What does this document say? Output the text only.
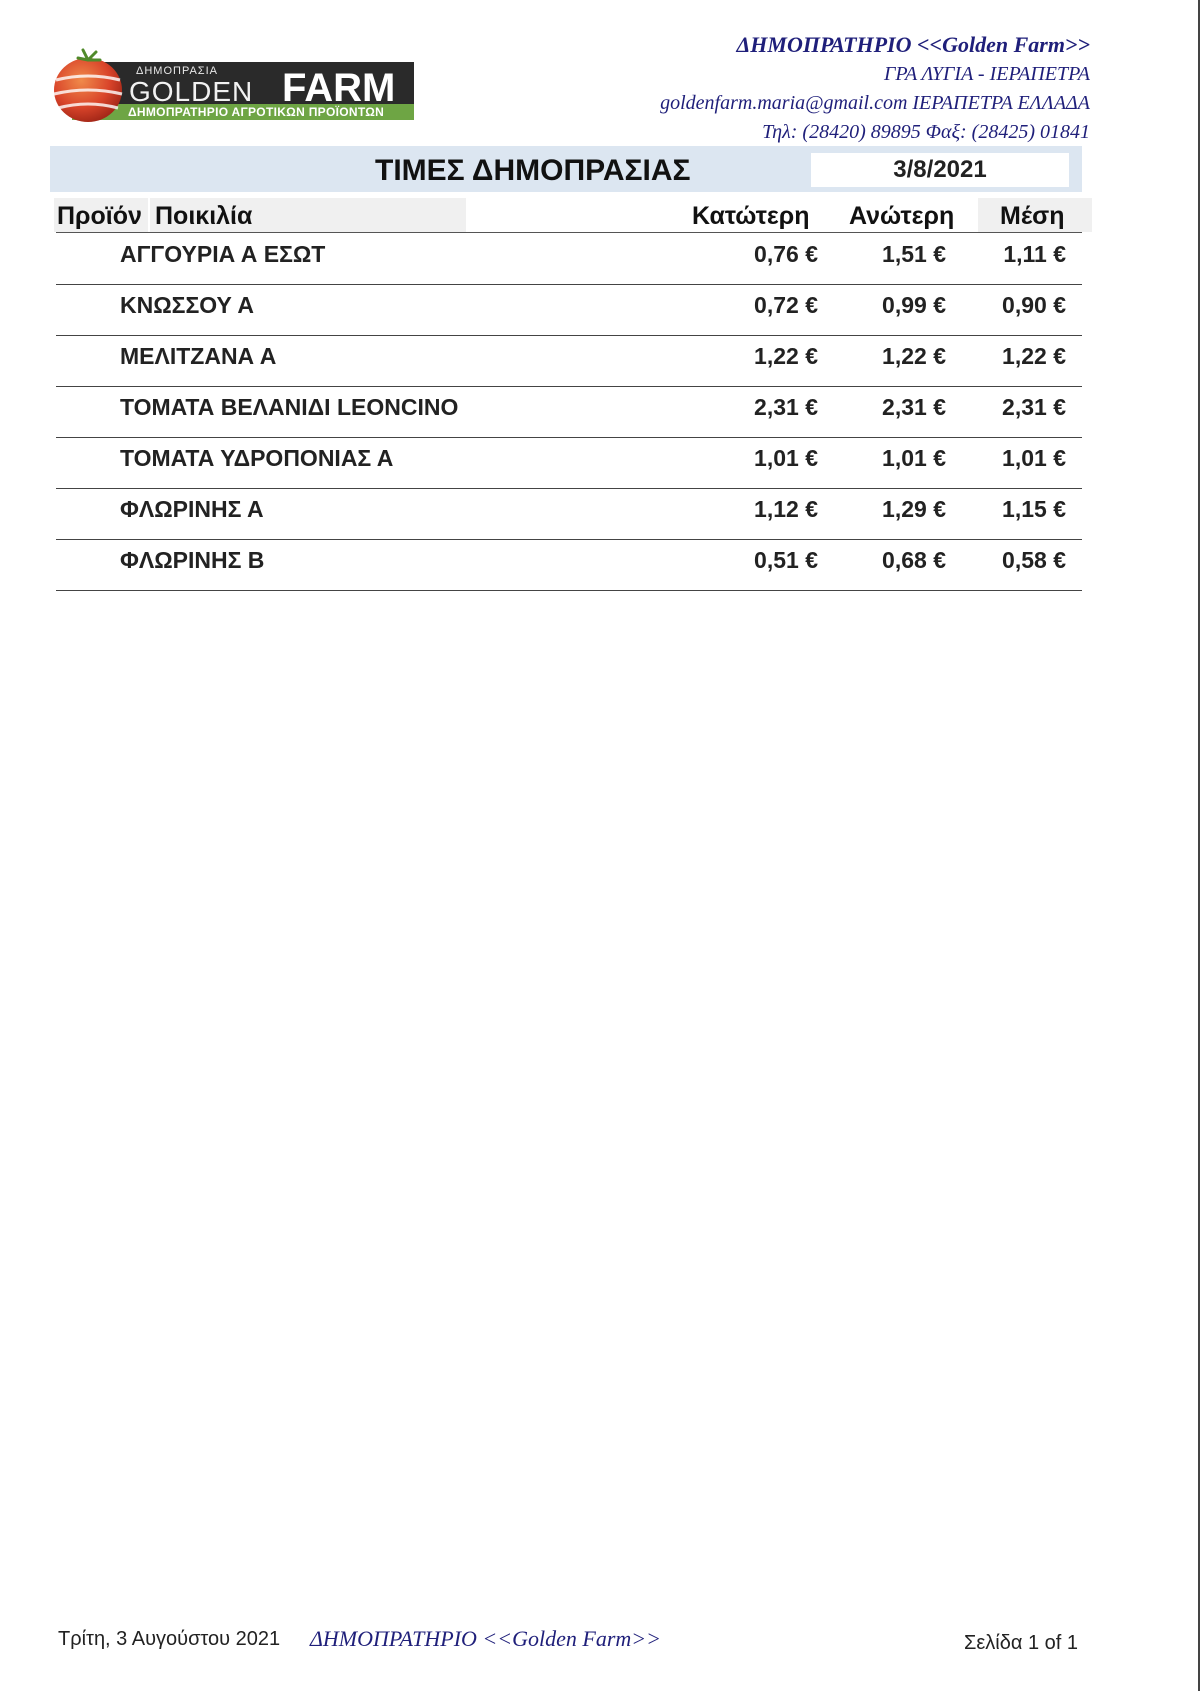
ΔΗΜΟΠΡΑΣΙΑ
GOLDEN FARM
ΔΗΜΟΠΡΑΤΗΡΙΟ ΑΓΡΟΤΙΚΩΝ ΠΡΟΪΟΝΤΩΝ
ΔΗΜΟΠΡΑΤΗΡΙΟ <<Golden Farm>>
ΓΡΑ ΛΥΓΙΑ - ΙΕΡΑΠΕΤΡΑ
goldenfarm.maria@gmail.com ΙΕΡΑΠΕΤΡΑ ΕΛΛΑΔΑ
Τηλ: (28420) 89895 Φαξ: (28425) 01841
ΤΙΜΕΣ ΔΗΜΟΠΡΑΣΙΑΣ	3/8/2021
Προϊόν Ποικιλία	Κατώτερη Ανώτερη Μέση
ΑΓΓΟΥΡΙΑ Α ΕΣΩΤ	0,76 €	1,51 €	1,11 €
ΚΝΩΣΣΟΥ Α	0,72 €	0,99 €	0,90 €
ΜΕΛΙΤΖΑΝΑ Α	1,22 €	1,22 €	1,22 €
ΤΟΜΑΤΑ ΒΕΛΑΝΙΔΙ LEONCINO	2,31 €	2,31 €	2,31 €
ΤΟΜΑΤΑ ΥΔΡΟΠΟΝΙΑΣ Α	1,01 €	1,01 €	1,01 €
ΦΛΩΡΙΝΗΣ Α	1,12 €	1,29 €	1,15 €
ΦΛΩΡΙΝΗΣ Β	0,51 €	0,68 €	0,58 €
Τρίτη, 3 Αυγούστου 2021 ΔΗΜΟΠΡΑΤΗΡΙΟ <<Golden Farm>>	Σελίδα 1 of 1
